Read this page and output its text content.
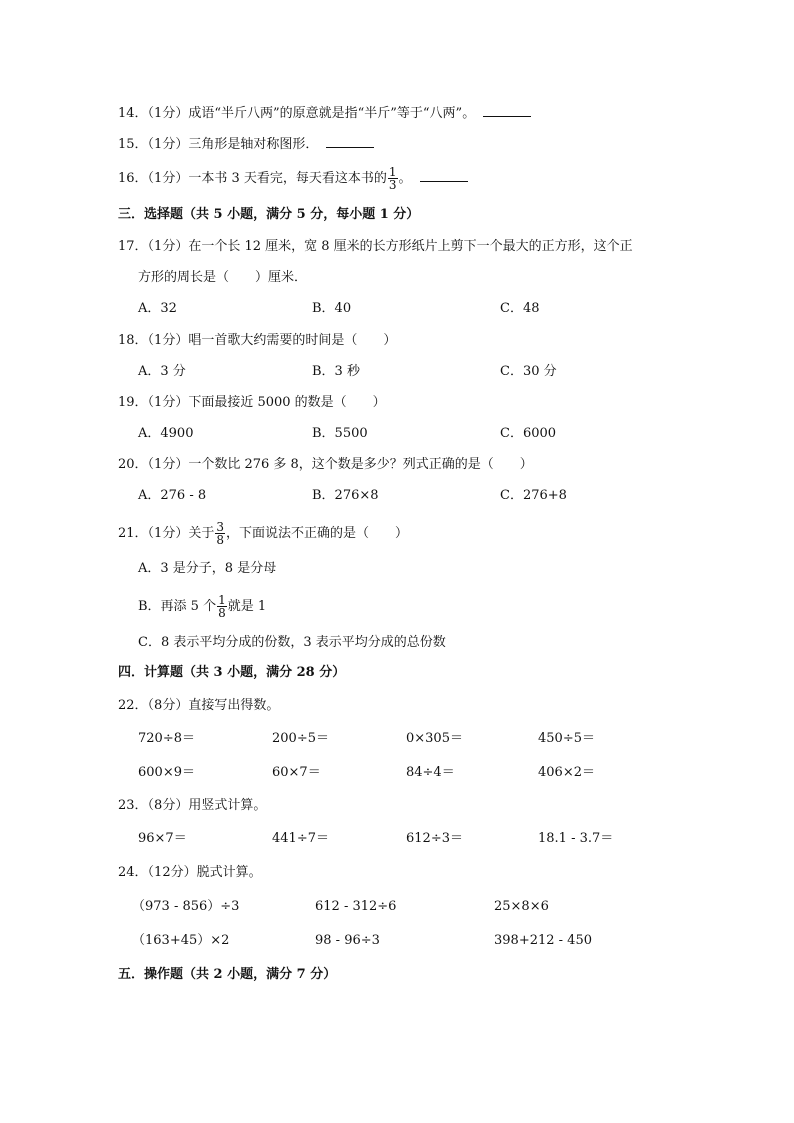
14．（1分）成语“半斤八两”的原意就是指“半斤”等于“八两”。
15．（1分）三角形是轴对称图形．
16．（1分）一本书 3 天看完，每天看这本书的 $\frac{1}{3}$ 。
三．选择题（共 5 小题，满分 5 分，每小题 1 分）
17．（1分）在一个长 12 厘米，宽 8 厘米的长方形纸片上剪下一个最大的正方形，这个正
方形的周长是（　　）厘米．
A．32	B．40	C．48
18．（1分）唱一首歌大约需要的时间是（　　）
A．3 分	B．3 秒	C．30 分
19．（1分）下面最接近 5000 的数是（　　）
A．4900	B．5500	C．6000
20．（1分）一个数比 276 多 8，这个数是多少？列式正确的是（　　）
A．276 - 8	B．276×8	C．276+8
21．（1分）关于 $\frac{3}{8}$ ，下面说法不正确的是（　　）
A．3 是分子，8 是分母
B．再添 5 个 $\frac{1}{8}$ 就是 1
C．8 表示平均分成的份数，3 表示平均分成的总份数
四．计算题（共 3 小题，满分 28 分）
22．（8分）直接写出得数。
720÷8＝	200÷5＝	0×305＝	450÷5＝
600×9＝	60×7＝	84÷4＝	406×2＝
23．（8分）用竖式计算。
96×7＝	441÷7＝	612÷3＝	18.1 - 3.7＝
24．（12分）脱式计算。
（973 - 856）÷3	612 - 312÷6	25×8×6
（163+45）×2	98 - 96÷3	398+212 - 450
五．操作题（共 2 小题，满分 7 分）
